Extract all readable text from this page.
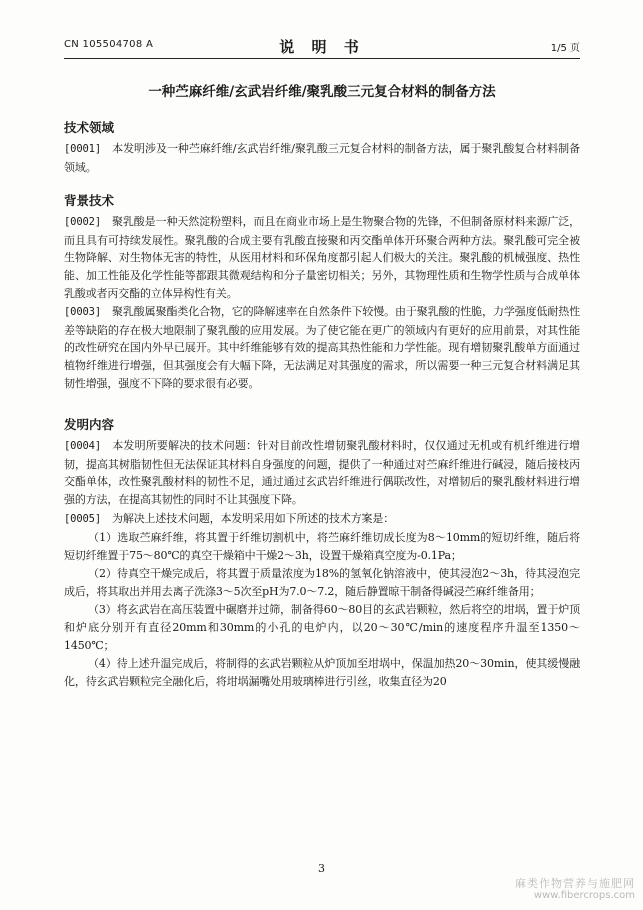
CN 105504708 A	说 明 书	1/5 页
一种苎麻纤维/玄武岩纤维/聚乳酸三元复合材料的制备方法
技术领域

[0001] 本发明涉及一种苎麻纤维/玄武岩纤维/聚乳酸三元复合材料的制备方法，属于聚乳酸复合材料制备领域。

背景技术

[0002] 聚乳酸是一种天然淀粉塑料，而且在商业市场上是生物聚合物的先锋，不但制备原材料来源广泛，而且具有可持续发展性。聚乳酸的合成主要有乳酸直接聚和丙交酯单体开环聚合两种方法。聚乳酸可完全被生物降解、对生物体无害的特性，从医用材料和环保角度都引起人们极大的关注。聚乳酸的机械强度、热性能、加工性能及化学性能等都跟其微观结构和分子量密切相关；另外，其物理性质和生物学性质与合成单体乳酸或者丙交酯的立体异构性有关。

[0003] 聚乳酸属聚酯类化合物，它的降解速率在自然条件下较慢。由于聚乳酸的性脆，力学强度低耐热性差等缺陷的存在极大地限制了聚乳酸的应用发展。为了使它能在更广的领域内有更好的应用前景，对其性能的改性研究在国内外早已展开。其中纤维能够有效的提高其热性能和力学性能。现有增韧聚乳酸单方面通过植物纤维进行增强，但其强度会有大幅下降，无法满足对其强度的需求，所以需要一种三元复合材料满足其韧性增强，强度不下降的要求很有必要。

发明内容

[0004] 本发明所要解决的技术问题：针对目前改性增韧聚乳酸材料时，仅仅通过无机或有机纤维进行增韧，提高其树脂韧性但无法保证其材料自身强度的问题，提供了一种通过对苎麻纤维进行碱浸，随后接枝丙交酯单体，改性聚乳酸材料的韧性不足，通过通过玄武岩纤维进行偶联改性，对增韧后的聚乳酸材料进行增强的方法，在提高其韧性的同时不让其强度下降。

[0005] 为解决上述技术问题，本发明采用如下所述的技术方案是：

（1）选取苎麻纤维，将其置于纤维切割机中，将苎麻纤维切成长度为8～10mm的短切纤维，随后将短切纤维置于75～80℃的真空干燥箱中干燥2～3h，设置干燥箱真空度为-0.1Pa；

（2）待真空干燥完成后，将其置于质量浓度为18%的氢氧化钠溶液中，使其浸泡2～3h，待其浸泡完成后，将其取出并用去离子洗涤3～5次至pH为7.0～7.2，随后静置晾干制备得碱浸苎麻纤维备用；

（3）将玄武岩在高压装置中碾磨并过筛，制备得60～80目的玄武岩颗粒，然后将空的坩埚，置于炉顶和炉底分别开有直径20mm和30mm的小孔的电炉内，以20～30℃/min的速度程序升温至1350～1450℃；

（4）待上述升温完成后，将制得的玄武岩颗粒从炉顶加至坩埚中，保温加热20～30min，使其缓慢融化，待玄武岩颗粒完全融化后，将坩埚漏嘴处用玻璃棒进行引丝，收集直径为20

3
麻类作物营养与施肥网
www.fibercrops.com
